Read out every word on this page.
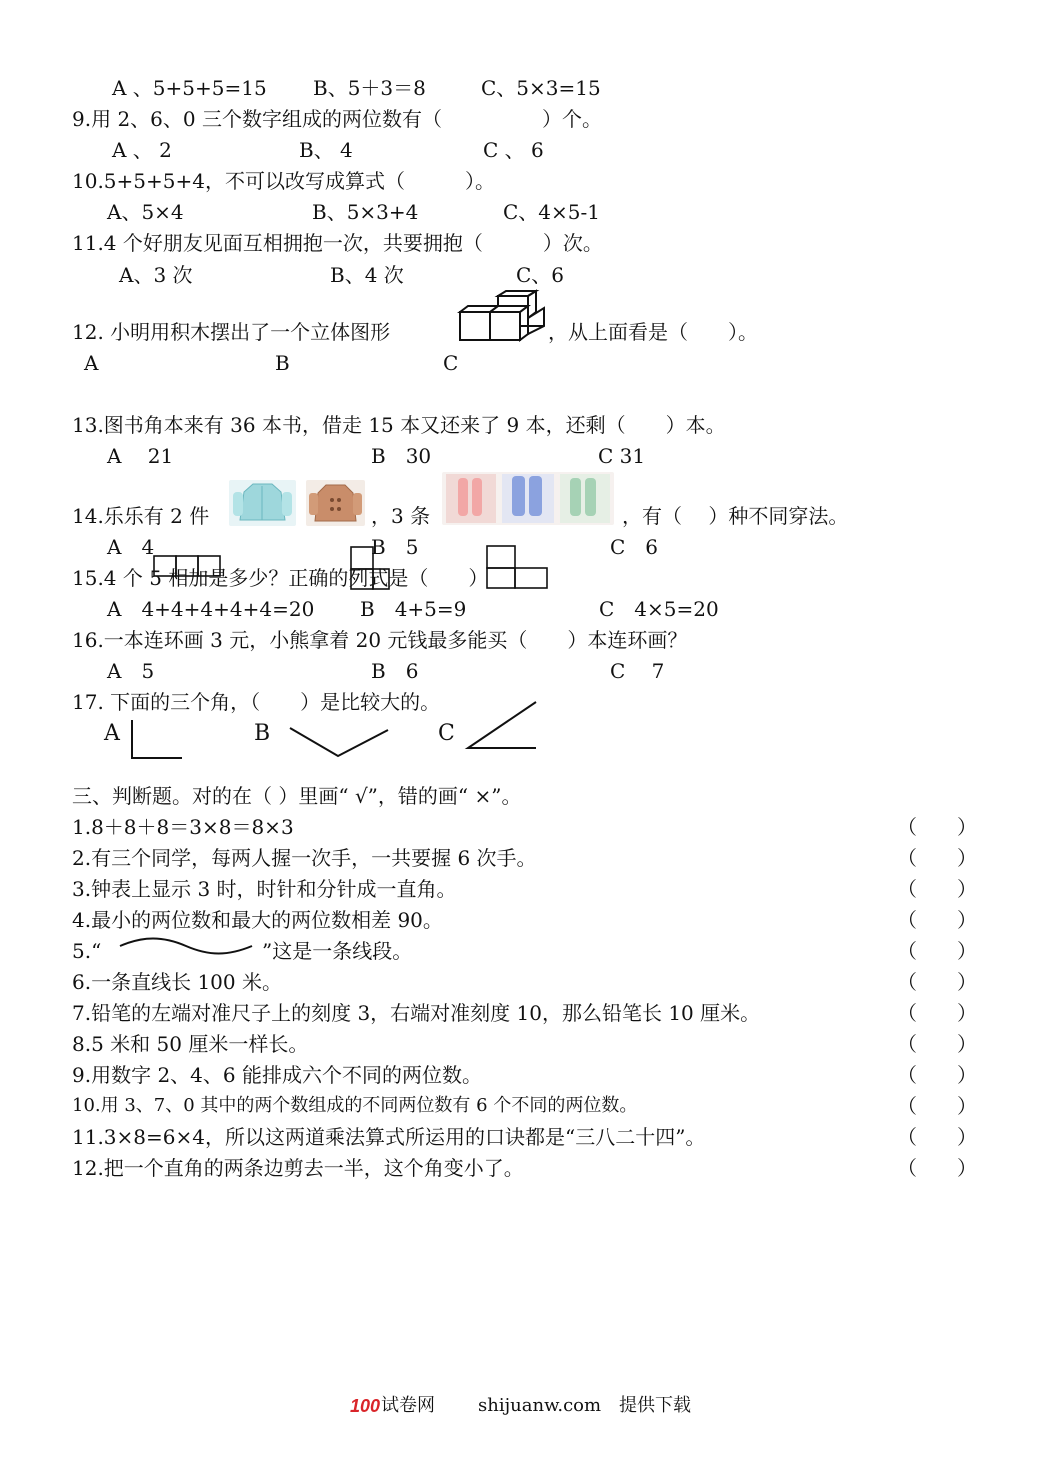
A 、5+5+5=15 B、5＋3＝8	C、5×3=15
9.用 2、6、0 三个数字组成的两位数有（　　　　　）个。
A 、 2	B、 4	C 、 6
10.5+5+5+4，不可以改写成算式（　　　）。
A、5×4	B、5×3+4	C、4×5-1
11.4 个好朋友见面互相拥抱一次，共要拥抱（　　　）次。
A、3 次	B、4 次	C、6
12. 小明用积木摆出了一个立体图形	，从上面看是（　　）。
A	B	C
13.图书角本来有 36 本书，借走 15 本又还来了 9 本，还剩（　　）本。
A　 21	B　30	C 31
14.乐乐有 2 件	，3 条	，有（　 ）种不同穿法。
A　4	B　5	C　6
15.4 个 5 相加是多少？正确的列式是（　　）
A　4+4+4+4+4=20 B　4+5=9	C　4×5=20
16.一本连环画 3 元，小熊拿着 20 元钱最多能买（　　）本连环画？
A　5	B　6	C　 7
17. 下面的三个角，（　　）是比较大的。
A	B	C
三、判断题。对的在（ ）里画“ √”，错的画“ ×”。
1.8＋8＋8＝3×8＝8×3	（　　）
2.有三个同学，每两人握一次手，一共要握 6 次手。	（　　）
3.钟表上显示 3 时，时针和分针成一直角。	（　　）
4.最小的两位数和最大的两位数相差 90。	（　　）
5.“	”这是一条线段。	（　　）
6.一条直线长 100 米。	（　　）
7.铅笔的左端对准尺子上的刻度 3，右端对准刻度 10，那么铅笔长 10 厘米。	（　　）
8.5 米和 50 厘米一样长。	（　　）
9.用数字 2、4、6 能排成六个不同的两位数。	（　　）
10.用 3、7、0 其中的两个数组成的不同两位数有 6 个不同的两位数。	（　　）
11.3×8=6×4，所以这两道乘法算式所运用的口诀都是“三八二十四”。	（　　）
12.把一个直角的两条边剪去一半，这个角变小了。	（　　）
100 试卷网 shijuanw.com 提供下载
